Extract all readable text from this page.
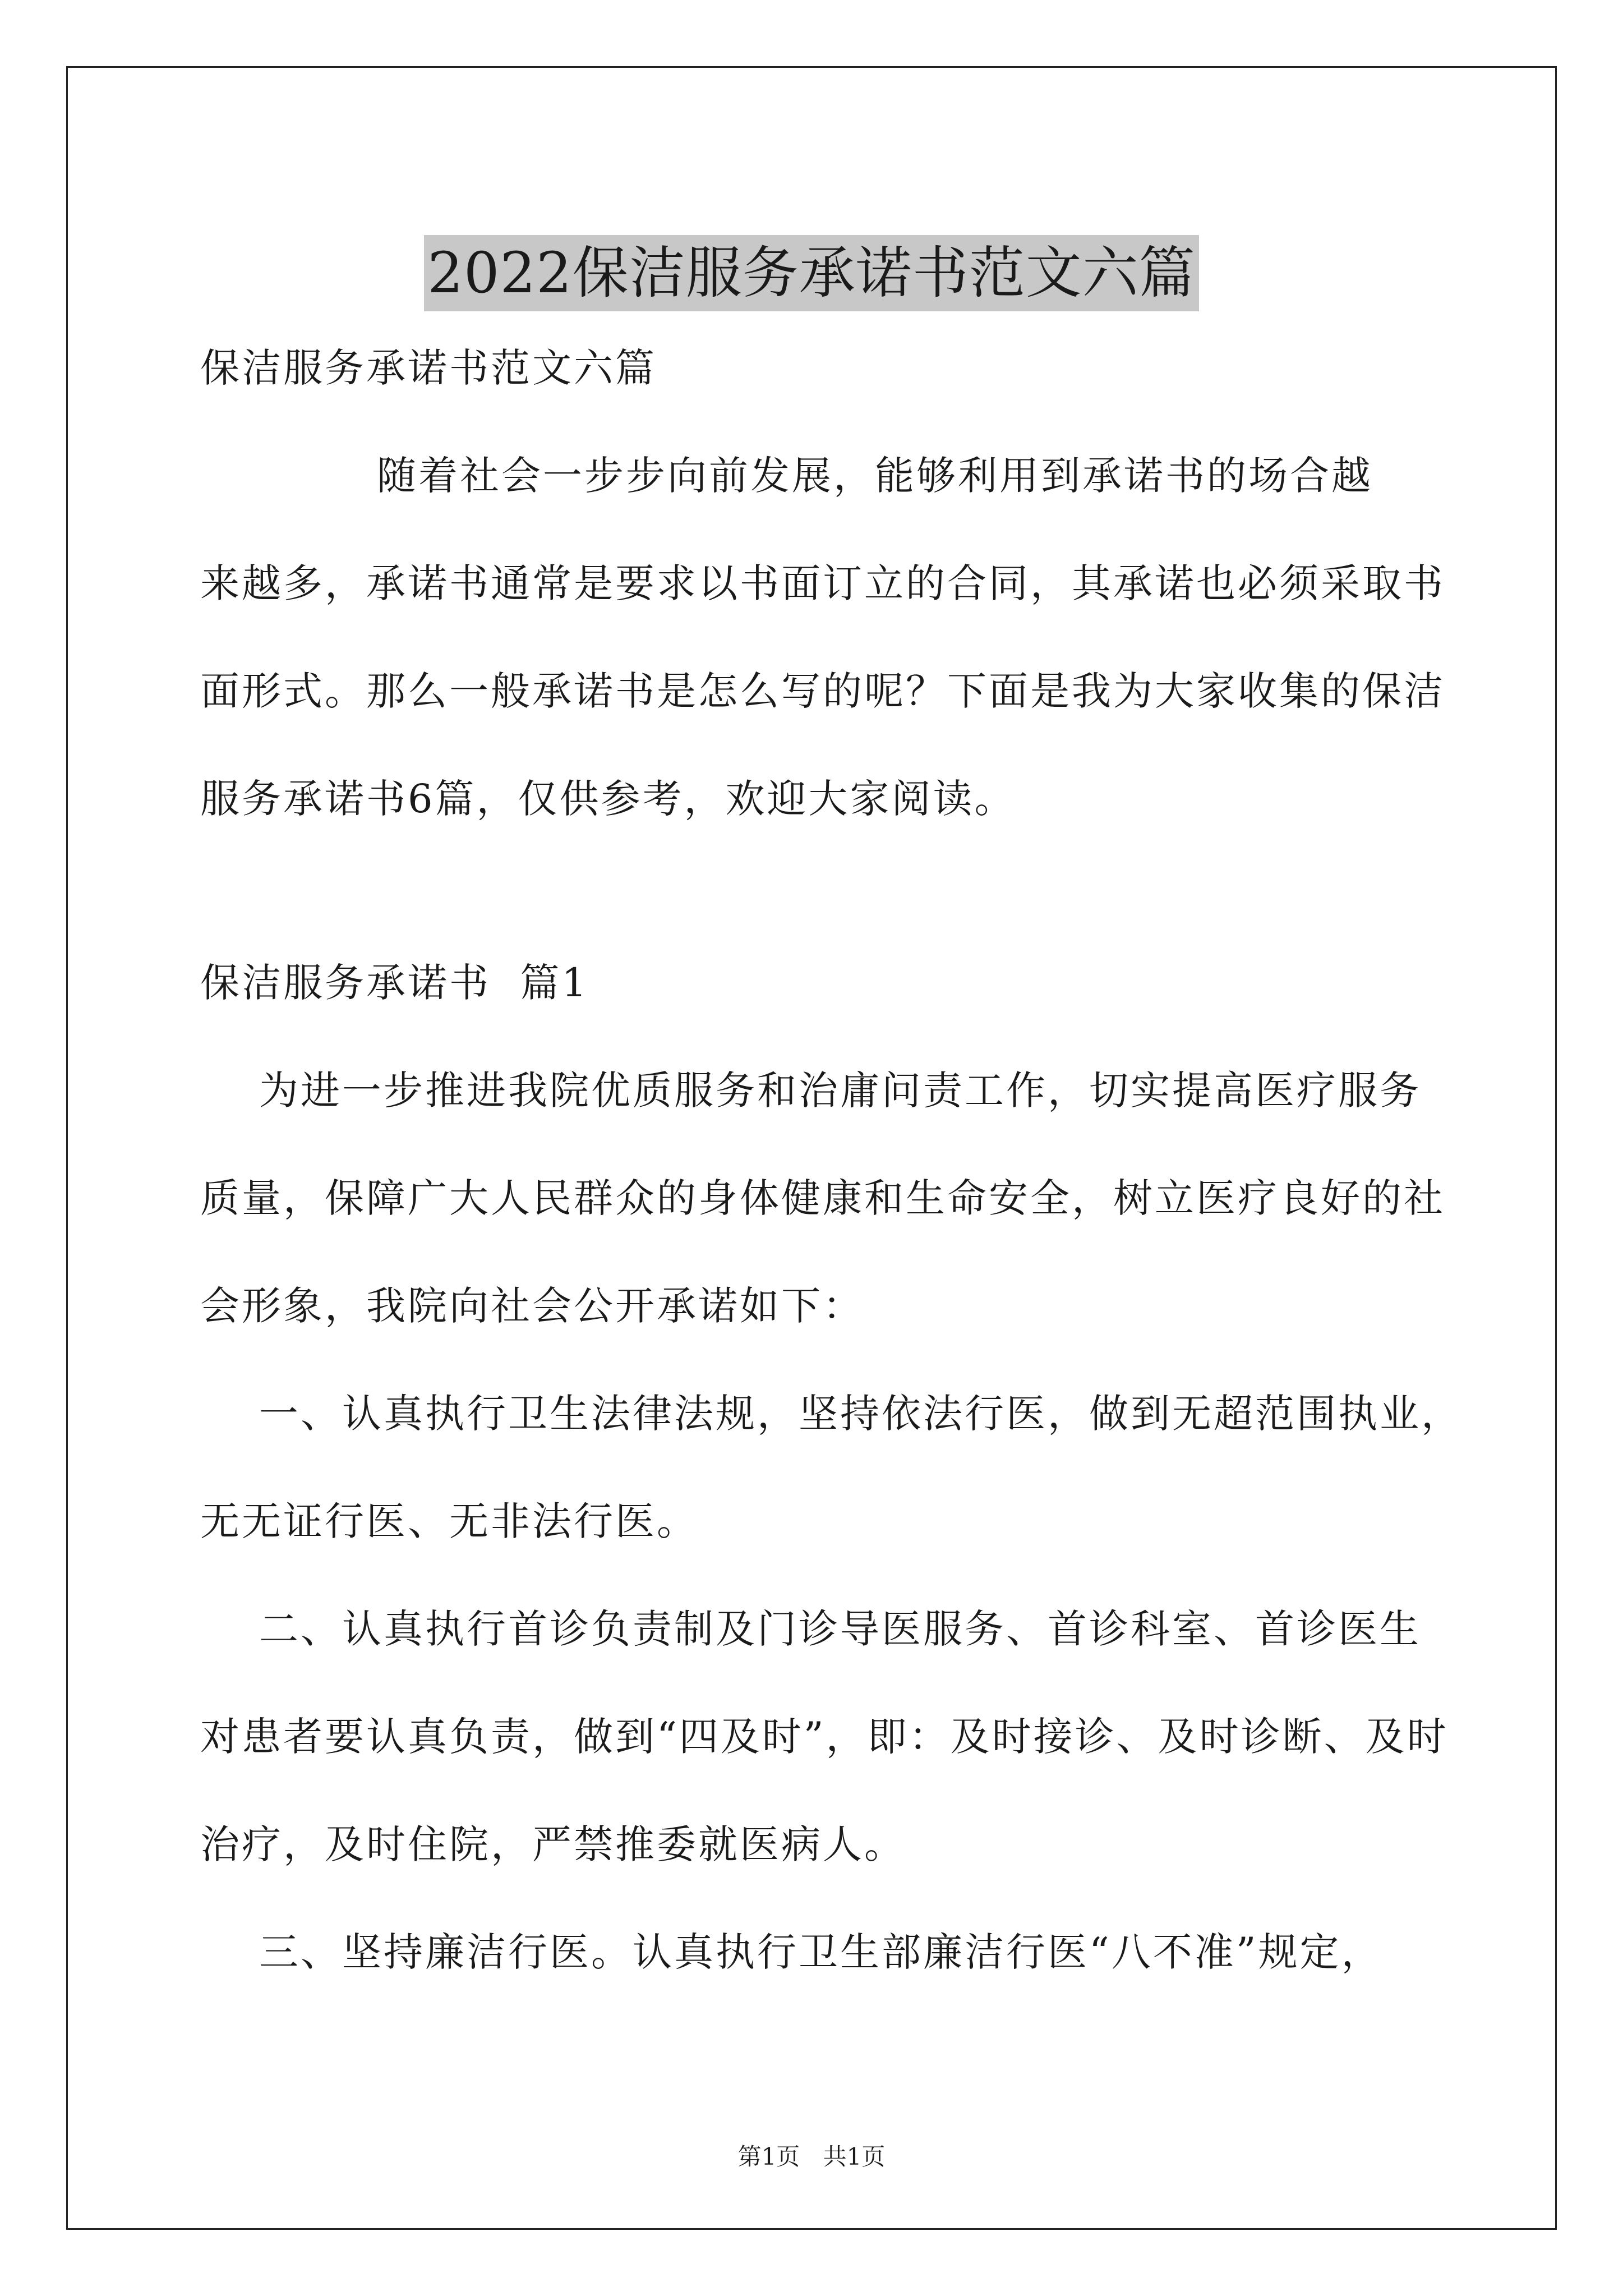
2022保洁服务承诺书范文六篇
保洁服务承诺书范文六篇
随着社会一步步向前发展，能够利用到承诺书的场合越
来越多，承诺书通常是要求以书面订立的合同，其承诺也必须采取书
面形式。那么一般承诺书是怎么写的呢？下面是我为大家收集的保洁
服务承诺书6篇，仅供参考，欢迎大家阅读。
保洁服务承诺书  篇1
为进一步推进我院优质服务和治庸问责工作，切实提高医疗服务
质量，保障广大人民群众的身体健康和生命安全，树立医疗良好的社
会形象，我院向社会公开承诺如下：
一、认真执行卫生法律法规，坚持依法行医，做到无超范围执业，
无无证行医、无非法行医。
二、认真执行首诊负责制及门诊导医服务、首诊科室、首诊医生
对患者要认真负责，做到“四及时”，即：及时接诊、及时诊断、及时
治疗，及时住院，严禁推委就医病人。
三、坚持廉洁行医。认真执行卫生部廉洁行医“八不准”规定，
第1页 共1页
